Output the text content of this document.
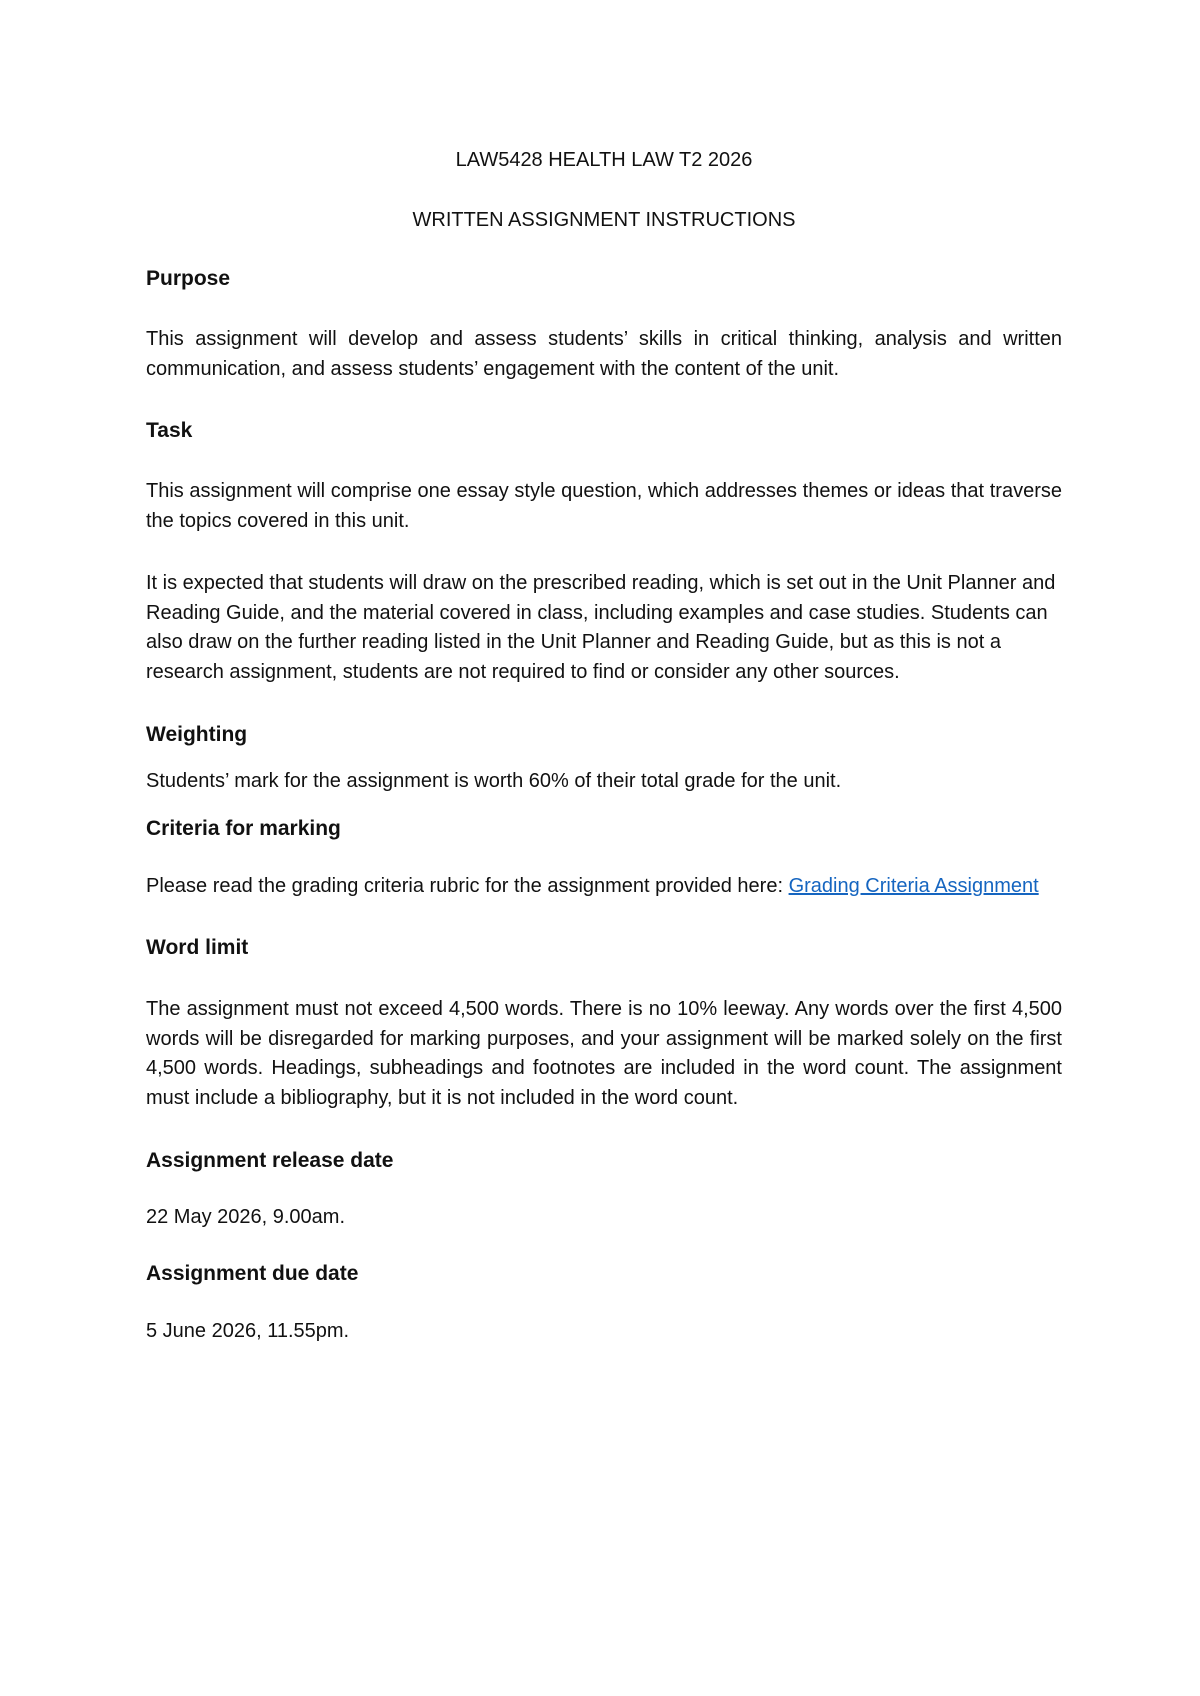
LAW5428 HEALTH LAW T2 2026

WRITTEN ASSIGNMENT INSTRUCTIONS

Purpose

This assignment will develop and assess students’ skills in critical thinking, analysis and written communication, and assess students’ engagement with the content of the unit.

Task

This assignment will comprise one essay style question, which addresses themes or ideas that traverse the topics covered in this unit.

It is expected that students will draw on the prescribed reading, which is set out in the Unit Planner and Reading Guide, and the material covered in class, including examples and case studies. Students can also draw on the further reading listed in the Unit Planner and Reading Guide, but as this is not a research assignment, students are not required to find or consider any other sources.

Weighting

Students’ mark for the assignment is worth 60% of their total grade for the unit.

Criteria for marking

Please read the grading criteria rubric for the assignment provided here: Grading Criteria Assignment

Word limit

The assignment must not exceed 4,500 words. There is no 10% leeway. Any words over the first 4,500 words will be disregarded for marking purposes, and your assignment will be marked solely on the first 4,500 words. Headings, subheadings and footnotes are included in the word count. The assignment must include a bibliography, but it is not included in the word count.

Assignment release date

22 May 2026, 9.00am.

Assignment due date

5 June 2026, 11.55pm.
